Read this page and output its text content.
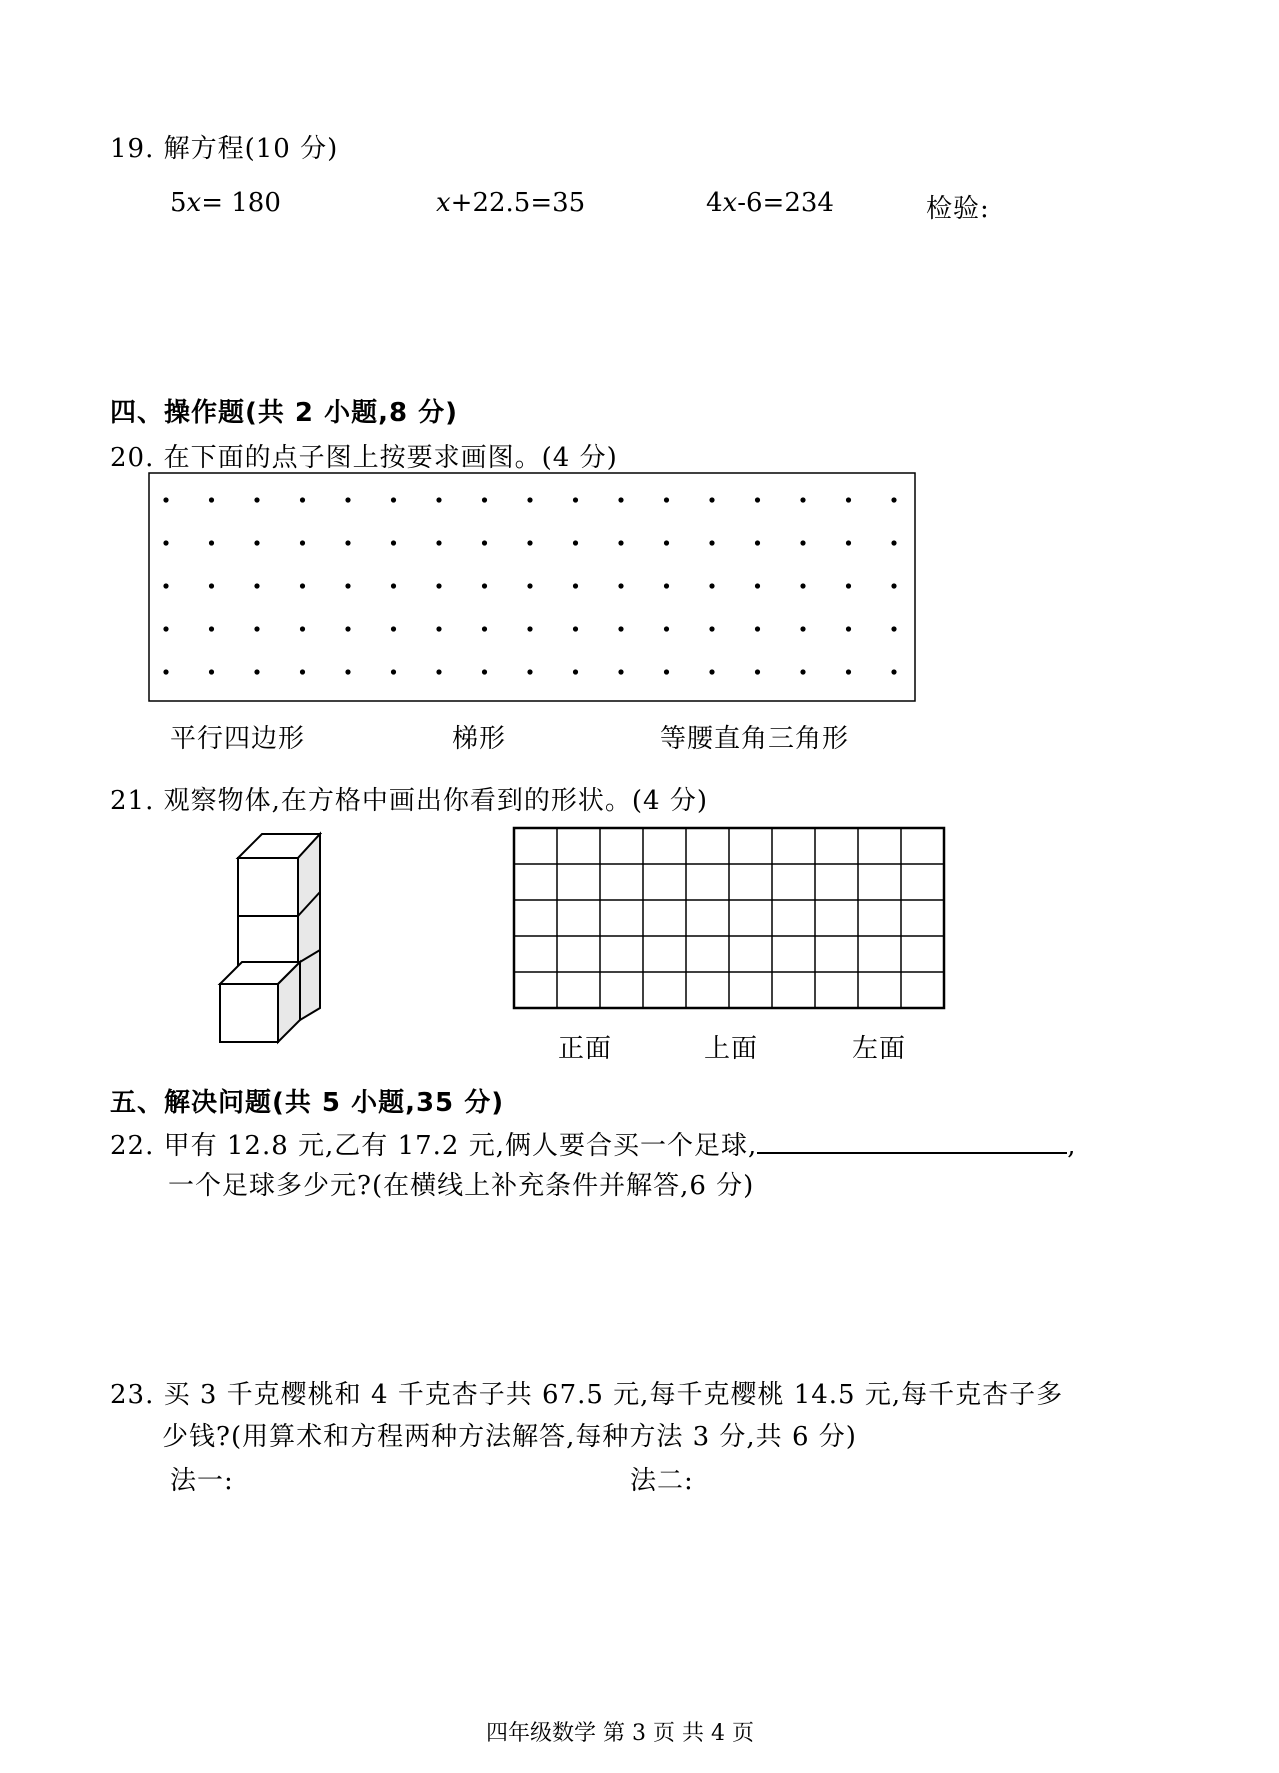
19. 解方程(10 分)
5x= 180	x+22.5=35	4x-6=234	检验:
四、操作题(共 2 小题,8 分)
20. 在下面的点子图上按要求画图。(4 分)
平行四边形	梯形	等腰直角三角形
21. 观察物体,在方格中画出你看到的形状。(4 分)
正面	上面	左面
五、解决问题(共 5 小题,35 分)
22. 甲有 12.8 元,乙有 17.2 元,俩人要合买一个足球,	,
一个足球多少元?(在横线上补充条件并解答,6 分)
23. 买 3 千克樱桃和 4 千克杏子共 67.5 元,每千克樱桃 14.5 元,每千克杏子多
少钱?(用算术和方程两种方法解答,每种方法 3 分,共 6 分)
法一:	法二:
四年级数学 第 3 页 共 4 页
